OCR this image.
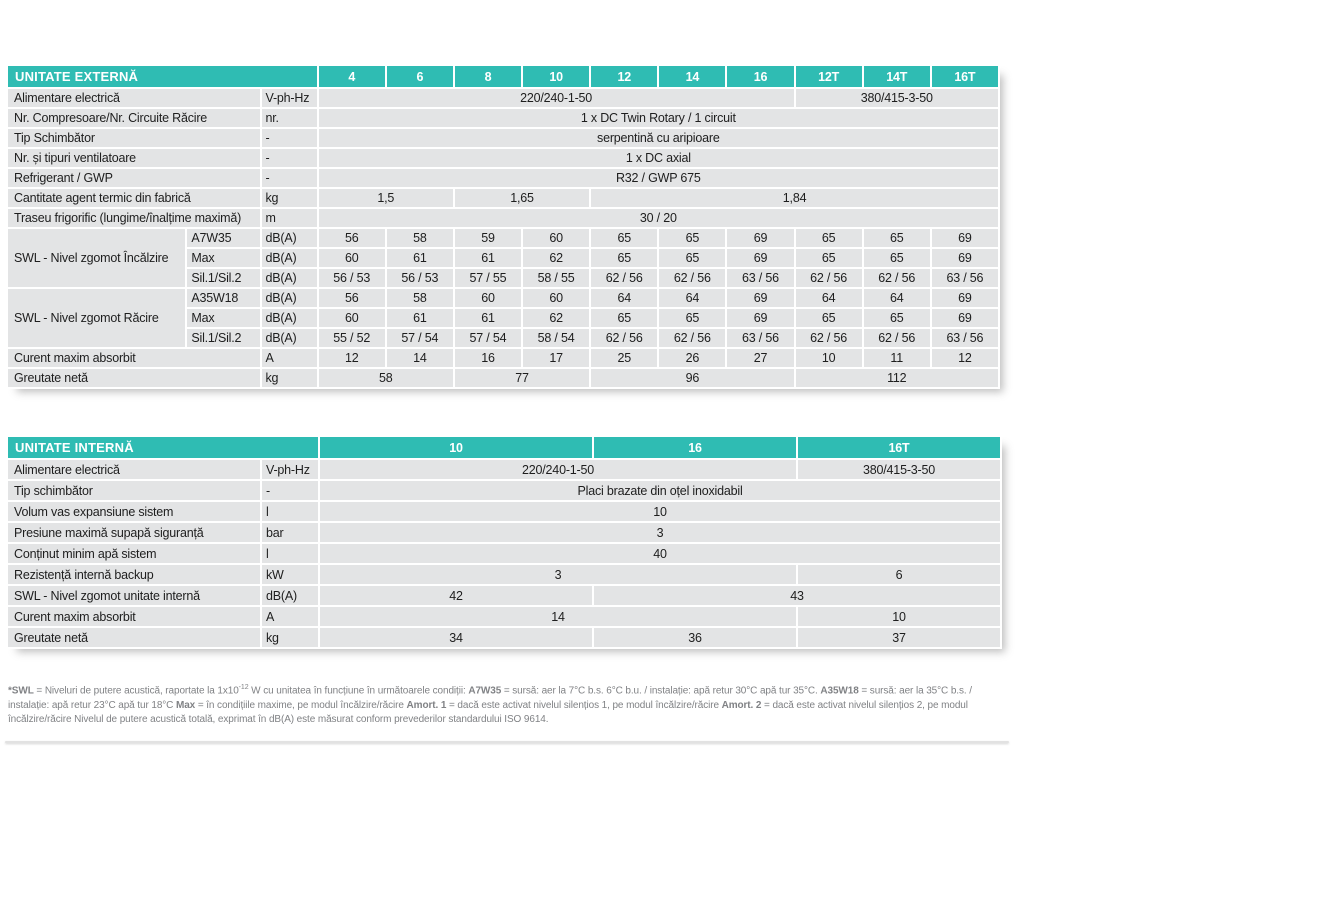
UNITATE EXTERNĂ			4	6	8	10	12	14	16	12T	14T	16T
Alimentare electrică		V-ph-Hz	220/240-1-50							380/415-3-50		
Nr. Compresoare/Nr. Circuite Răcire		nr.	1 x DC Twin Rotary / 1 circuit									
Tip Schimbător		-	serpentină cu aripioare									
Nr. și tipuri ventilatoare		-	1 x DC axial									
Refrigerant / GWP		-	R32 / GWP 675									
Cantitate agent termic din fabrică		kg	1,5		1,65		1,84					
Traseu frigorific (lungime/înalțime maximă)		m	30 / 20									
SWL - Nivel zgomot Încălzire	A7W35	dB(A)	56	58	59	60	65	65	69	65	65	69
	Max	dB(A)	60	61	61	62	65	65	69	65	65	69
	Sil.1/Sil.2	dB(A)	56 / 53	56 / 53	57 / 55	58 / 55	62 / 56	62 / 56	63 / 56	62 / 56	62 / 56	63 / 56
SWL - Nivel zgomot Răcire	A35W18	dB(A)	56	58	60	60	64	64	69	64	64	69
	Max	dB(A)	60	61	61	62	65	65	69	65	65	69
	Sil.1/Sil.2	dB(A)	55 / 52	57 / 54	57 / 54	58 / 54	62 / 56	62 / 56	63 / 56	62 / 56	62 / 56	63 / 56
Curent maxim absorbit		A	12	14	16	17	25	26	27	10	11	12
Greutate netă		kg	58		77		96			112		
UNITATE INTERNĂ		10	16	16T
Alimentare electrică	V-ph-Hz	220/240-1-50		380/415-3-50
Tip schimbător	-	Placi brazate din oțel inoxidabil		
Volum vas expansiune sistem	l	10		
Presiune maximă supapă siguranță	bar	3		
Conținut minim apă sistem	l	40		
Rezistență internă backup	kW	3		6
SWL - Nivel zgomot unitate internă	dB(A)	42	43	
Curent maxim absorbit	A	14		10
Greutate netă	kg	34	36	37

*SWL = Niveluri de putere acustică, raportate la $1x10^{-12}$ W cu unitatea în funcțiune în următoarele condiții: A7W35 = sursă: aer la 7°C b.s. 6°C b.u. / instalație: apă retur 30°C apă tur 35°C. A35W18 = sursă: aer la 35°C b.s. / instalație: apă retur 23°C apă tur 18°C Max = în condițiile maxime, pe modul încălzire/răcire Amort. 1 = dacă este activat nivelul silențios 1, pe modul încălzire/răcire Amort. 2 = dacă este activat nivelul silențios 2, pe modul încălzire/răcire Nivelul de putere acustică totală, exprimat în dB(A) este măsurat conform prevederilor standardului ISO 9614.
